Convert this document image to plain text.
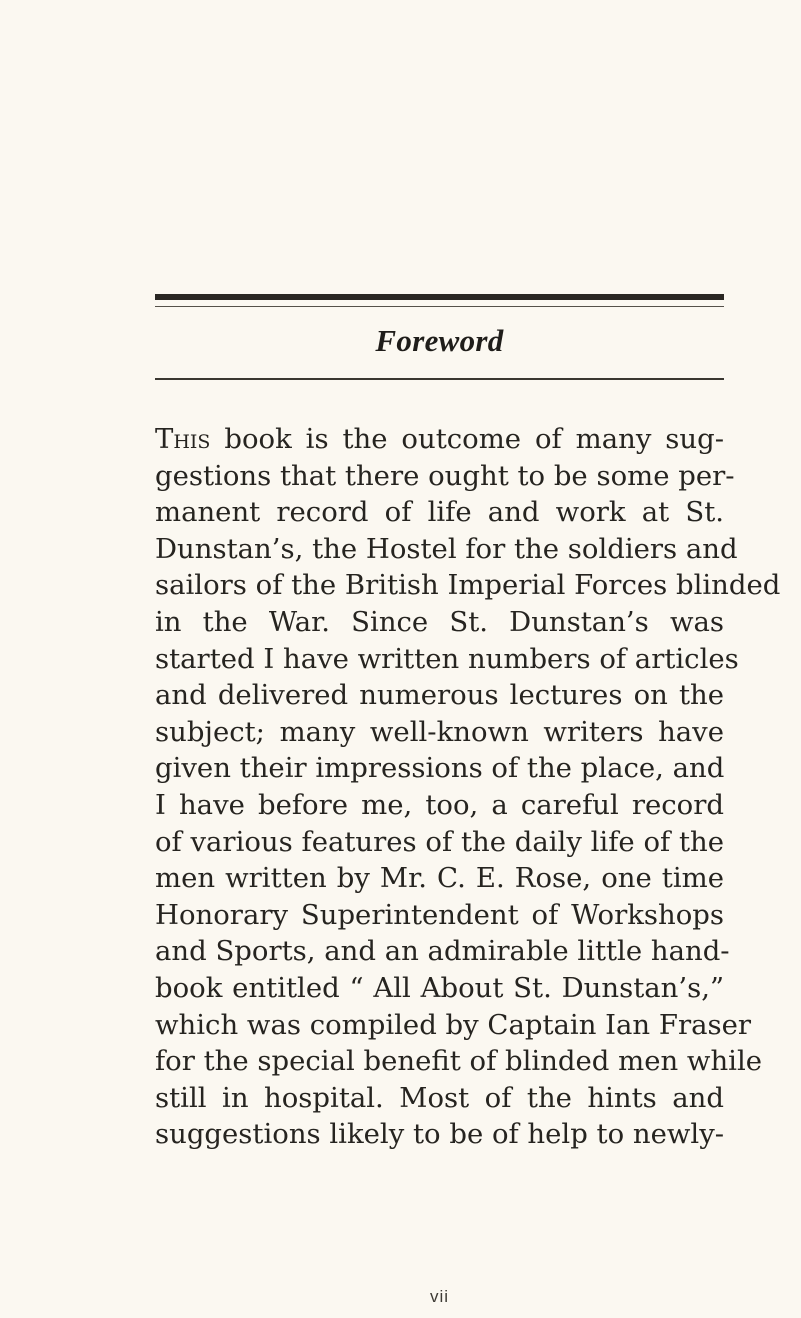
Foreword
This book is the outcome of many sug-
gestions that there ought to be some per-
manent record of life and work at St.
Dunstan’s, the Hostel for the soldiers and
sailors of the British Imperial Forces blinded
in the War. Since St. Dunstan’s was
started I have written numbers of articles
and delivered numerous lectures on the
subject; many well-known writers have
given their impressions of the place, and
I have before me, too, a careful record
of various features of the daily life of the
men written by Mr. C. E. Rose, one time
Honorary Superintendent of Workshops
and Sports, and an admirable little hand-
book entitled “ All About St. Dunstan’s,”
which was compiled by Captain Ian Fraser
for the special benefit of blinded men while
still in hospital. Most of the hints and
suggestions likely to be of help to newly-
vii
